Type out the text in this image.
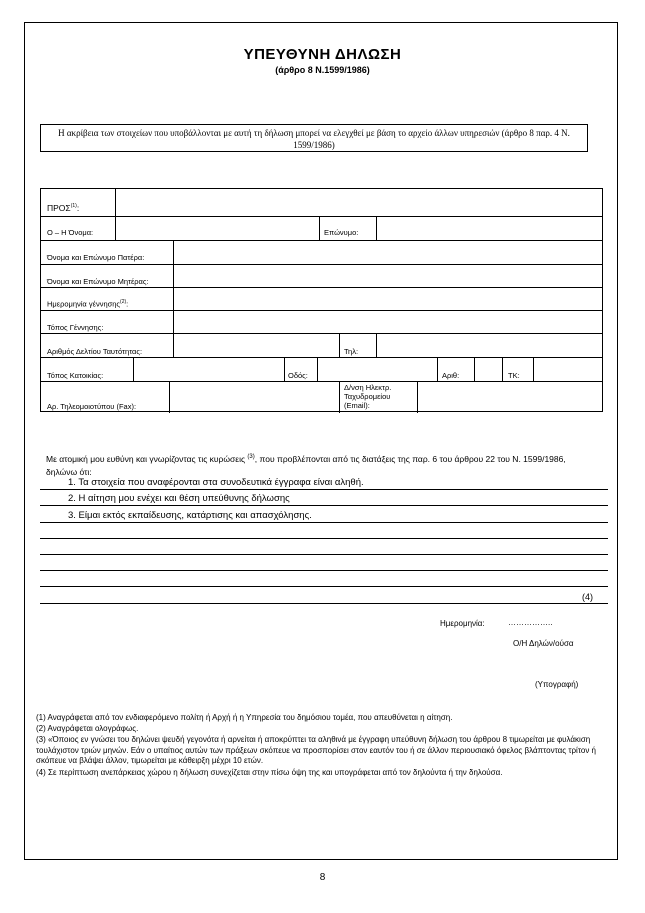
ΥΠΕΥΘΥΝΗ ΔΗΛΩΣΗ
(άρθρο 8 Ν.1599/1986)
Η ακρίβεια των στοιχείων που υποβάλλονται με αυτή τη δήλωση μπορεί να ελεγχθεί με βάση το αρχείο άλλων υπηρεσιών (άρθρο 8 παρ. 4 Ν. 1599/1986)
ΠΡΟΣ$^{(1)}$:
Ο – Η Όνομα:	Επώνυμο:
Όνομα και Επώνυμο Πατέρα:
Όνομα και Επώνυμο Μητέρας:
Ημερομηνία γέννησης$^{(2)}$:
Τόπος Γέννησης:
Αριθμός Δελτίου Ταυτότητας:	Τηλ:
Τόπος Κατοικίας:	Οδός:	Αριθ:	ΤΚ:
Αρ. Τηλεομοιοτύπου (Fax):
Δ/νση Ηλεκτρ. Ταχυδρομείου (Email):
Με ατομική μου ευθύνη και γνωρίζοντας τις κυρώσεις $^{(3)}$, που προβλέπονται από τις διατάξεις της παρ. 6 του άρθρου 22 του Ν. 1599/1986, δηλώνω ότι:
1. Τα στοιχεία που αναφέρονται στα συνοδευτικά έγγραφα είναι αληθή.
2. Η αίτηση μου ενέχει και θέση υπεύθυνης δήλωσης
3. Είμαι εκτός εκπαίδευσης, κατάρτισης και απασχόλησης.
(4)
Ημερομηνία:	……………..
Ο/Η Δηλών/ούσα
(Υπογραφή)
(1) Αναγράφεται από τον ενδιαφερόμενο πολίτη ή Αρχή ή η Υπηρεσία του δημόσιου τομέα, που απευθύνεται η αίτηση.
(2) Αναγράφεται ολογράφως.
(3) «Όποιος εν γνώσει του δηλώνει ψευδή γεγονότα ή αρνείται ή αποκρύπτει τα αληθινά με έγγραφη υπεύθυνη δήλωση του άρθρου 8 τιμωρείται με φυλάκιση τουλάχιστον τριών μηνών. Εάν ο υπαίτιος αυτών των πράξεων σκόπευε να προσπορίσει στον εαυτόν του ή σε άλλον περιουσιακό όφελος βλάπτοντας τρίτον ή σκόπευε να βλάψει άλλον, τιμωρείται με κάθειρξη μέχρι 10 ετών.
(4) Σε περίπτωση ανεπάρκειας χώρου η δήλωση συνεχίζεται στην πίσω όψη της και υπογράφεται από τον δηλούντα ή την δηλούσα.
8
